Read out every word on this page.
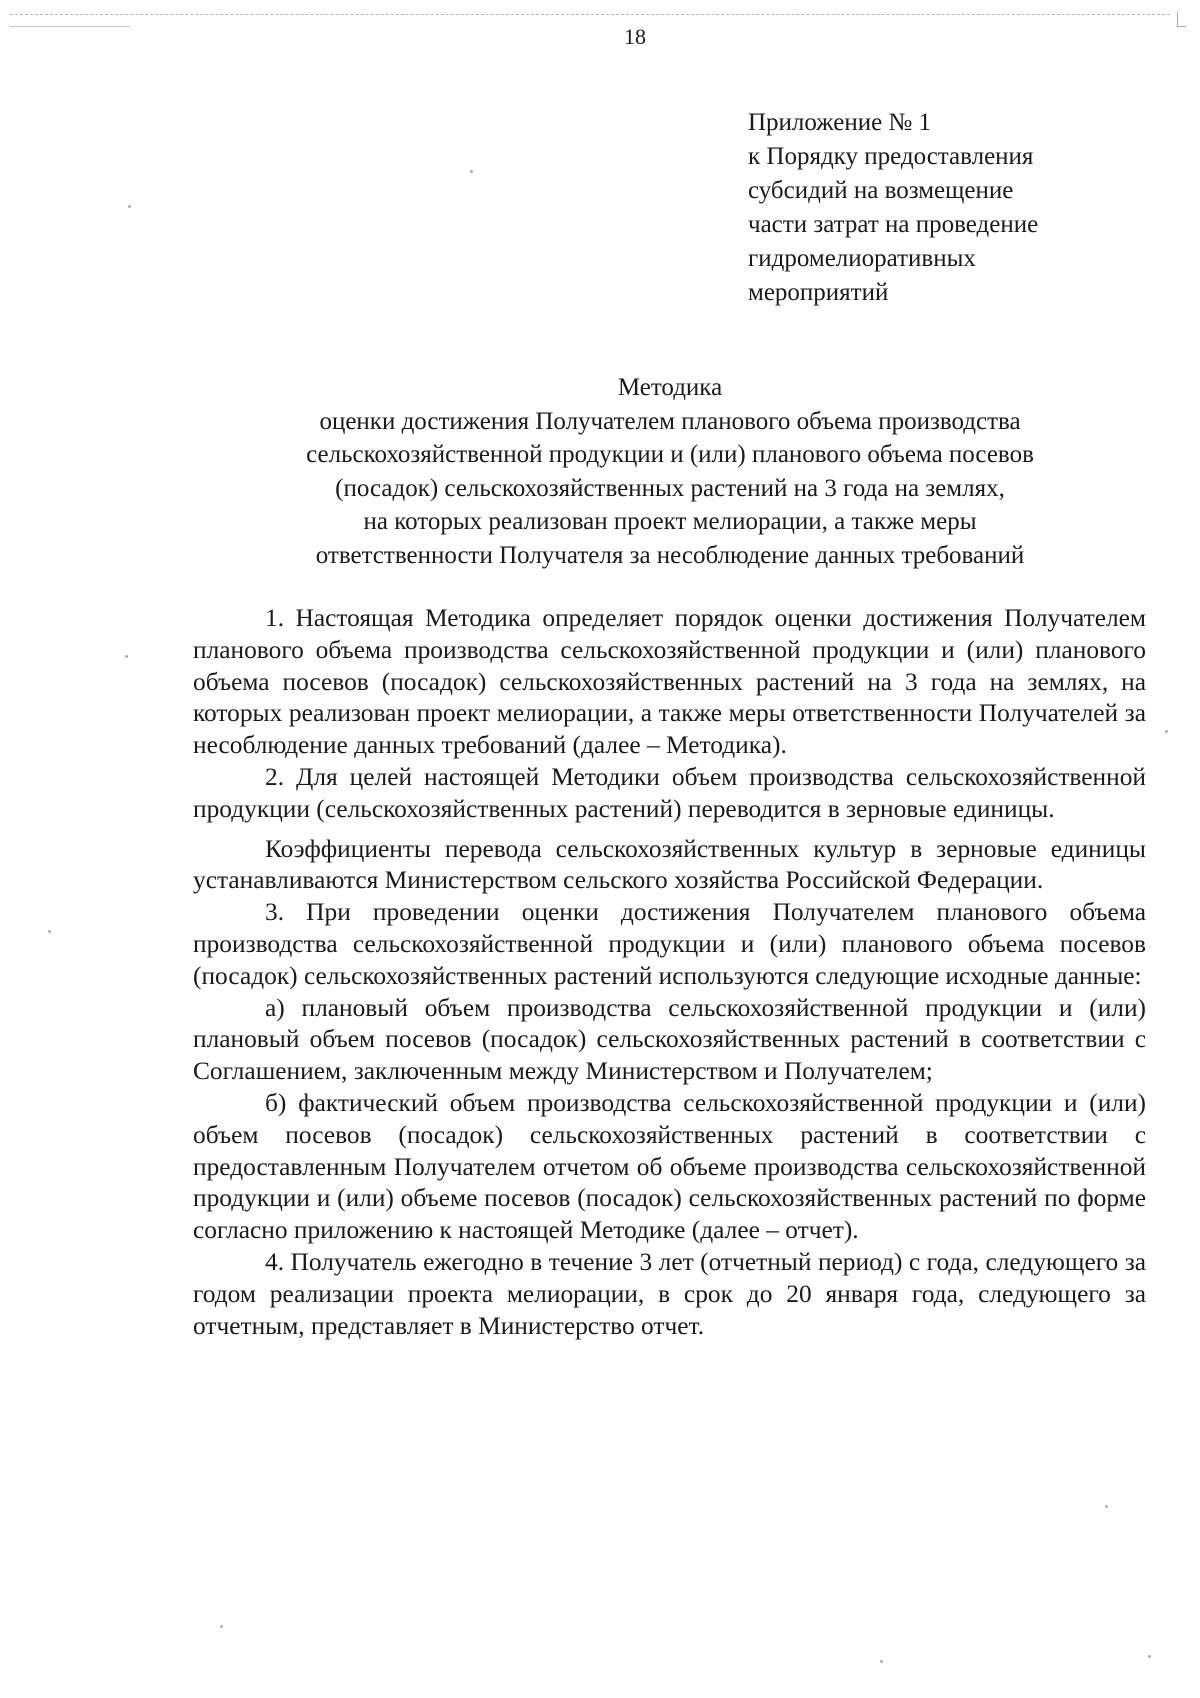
18
Приложение № 1
к Порядку предоставления
субсидий на возмещение
части затрат на проведение
гидромелиоративных
мероприятий
Методика
оценки достижения Получателем планового объема производства
сельскохозяйственной продукции и (или) планового объема посевов
(посадок) сельскохозяйственных растений на 3 года на землях,
на которых реализован проект мелиорации, а также меры
ответственности Получателя за несоблюдение данных требований

1. Настоящая Методика определяет порядок оценки достижения Получателем планового объема производства сельскохозяйственной продукции и (или) планового объема посевов (посадок) сельскохозяйственных растений на 3 года на землях, на которых реализован проект мелиорации, а также меры ответственности Получателей за несоблюдение данных требований (далее – Методика).

2. Для целей настоящей Методики объем производства сельскохозяйственной продукции (сельскохозяйственных растений) переводится в зерновые единицы.

Коэффициенты перевода сельскохозяйственных культур в зерновые единицы устанавливаются Министерством сельского хозяйства Российской Федерации.

3. При проведении оценки достижения Получателем планового объема производства сельскохозяйственной продукции и (или) планового объема посевов (посадок) сельскохозяйственных растений используются следующие исходные данные:

а) плановый объем производства сельскохозяйственной продукции и (или) плановый объем посевов (посадок) сельскохозяйственных растений в соответствии с Соглашением, заключенным между Министерством и Получателем;

б) фактический объем производства сельскохозяйственной продукции и (или) объем посевов (посадок) сельскохозяйственных растений в соответствии с предоставленным Получателем отчетом об объеме производства сельскохозяйственной продукции и (или) объеме посевов (посадок) сельскохозяйственных растений по форме согласно приложению к настоящей Методике (далее – отчет).

4. Получатель ежегодно в течение 3 лет (отчетный период) с года, следующего за годом реализации проекта мелиорации, в срок до 20 января года, следующего за отчетным, представляет в Министерство отчет.
